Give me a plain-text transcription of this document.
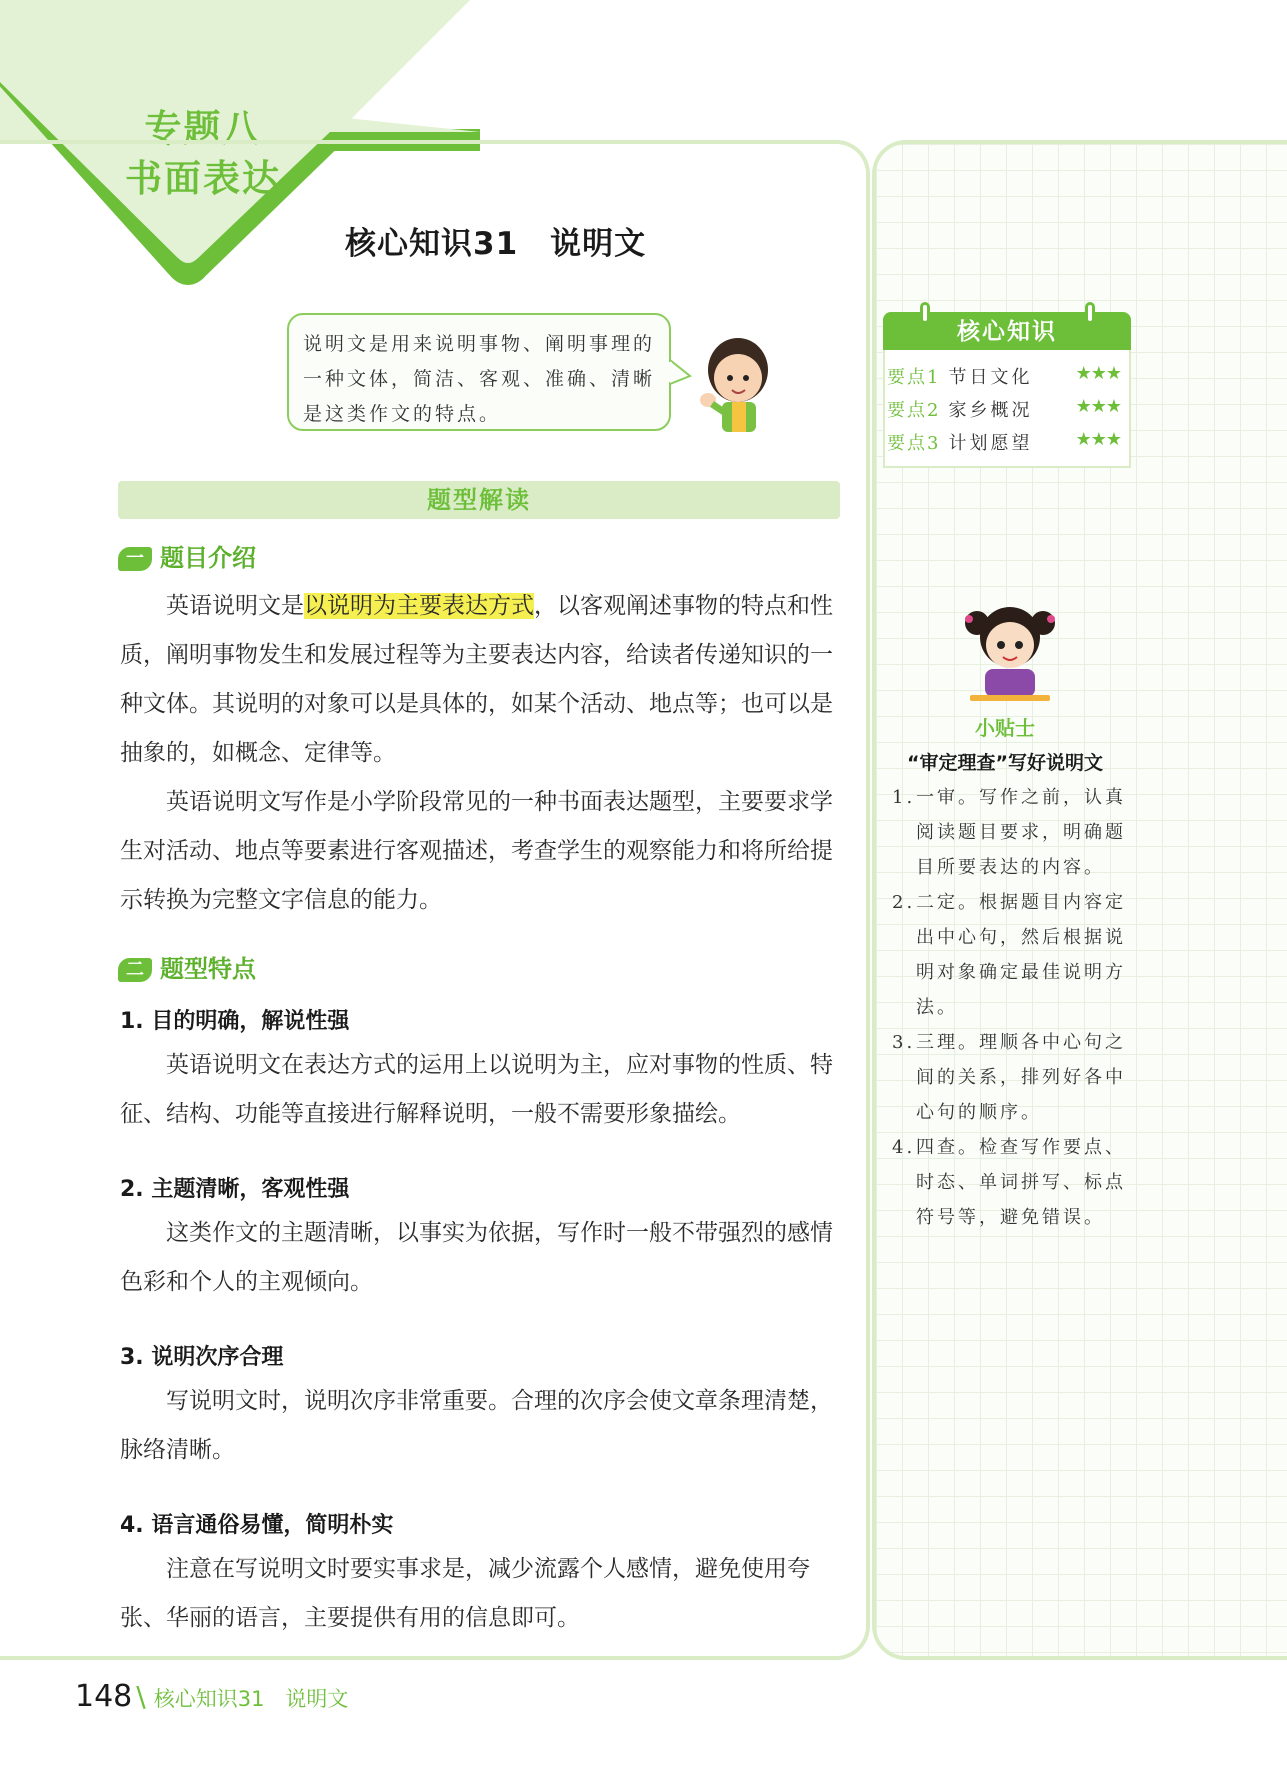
专题八
书面表达
核心知识31 说明文
说明文是用来说明事物、阐明事理的一种文体，简洁、客观、准确、清晰是这类作文的特点。
题型解读
一 题目介绍

英语说明文是以说明为主要表达方式，以客观阐述事物的特点和性质，阐明事物发生和发展过程等为主要表达内容，给读者传递知识的一种文体。其说明的对象可以是具体的，如某个活动、地点等；也可以是抽象的，如概念、定律等。

英语说明文写作是小学阶段常见的一种书面表达题型，主要要求学生对活动、地点等要素进行客观描述，考查学生的观察能力和将所给提示转换为完整文字信息的能力。

二 题型特点
1. 目的明确，解说性强

英语说明文在表达方式的运用上以说明为主，应对事物的性质、特征、结构、功能等直接进行解释说明，一般不需要形象描绘。

2. 主题清晰，客观性强

这类作文的主题清晰，以事实为依据，写作时一般不带强烈的感情色彩和个人的主观倾向。

3. 说明次序合理

写说明文时，说明次序非常重要。合理的次序会使文章条理清楚，脉络清晰。

4. 语言通俗易懂，简明朴实

注意在写说明文时要实事求是，减少流露个人感情，避免使用夸张、华丽的语言，主要提供有用的信息即可。

核心知识
要点1 节日文化 ★★★
要点2 家乡概况 ★★★
要点3 计划愿望 ★★★
小贴士
“审定理查”写好说明文
1. 一审。写作之前，认真阅读题目要求，明确题目所要表达的内容。
2. 二定。根据题目内容定出中心句，然后根据说明对象确定最佳说明方法。
3. 三理。理顺各中心句之间的关系，排列好各中心句的顺序。
4. 四查。检查写作要点、时态、单词拼写、标点符号等，避免错误。
148 \ 核心知识31　说明文
